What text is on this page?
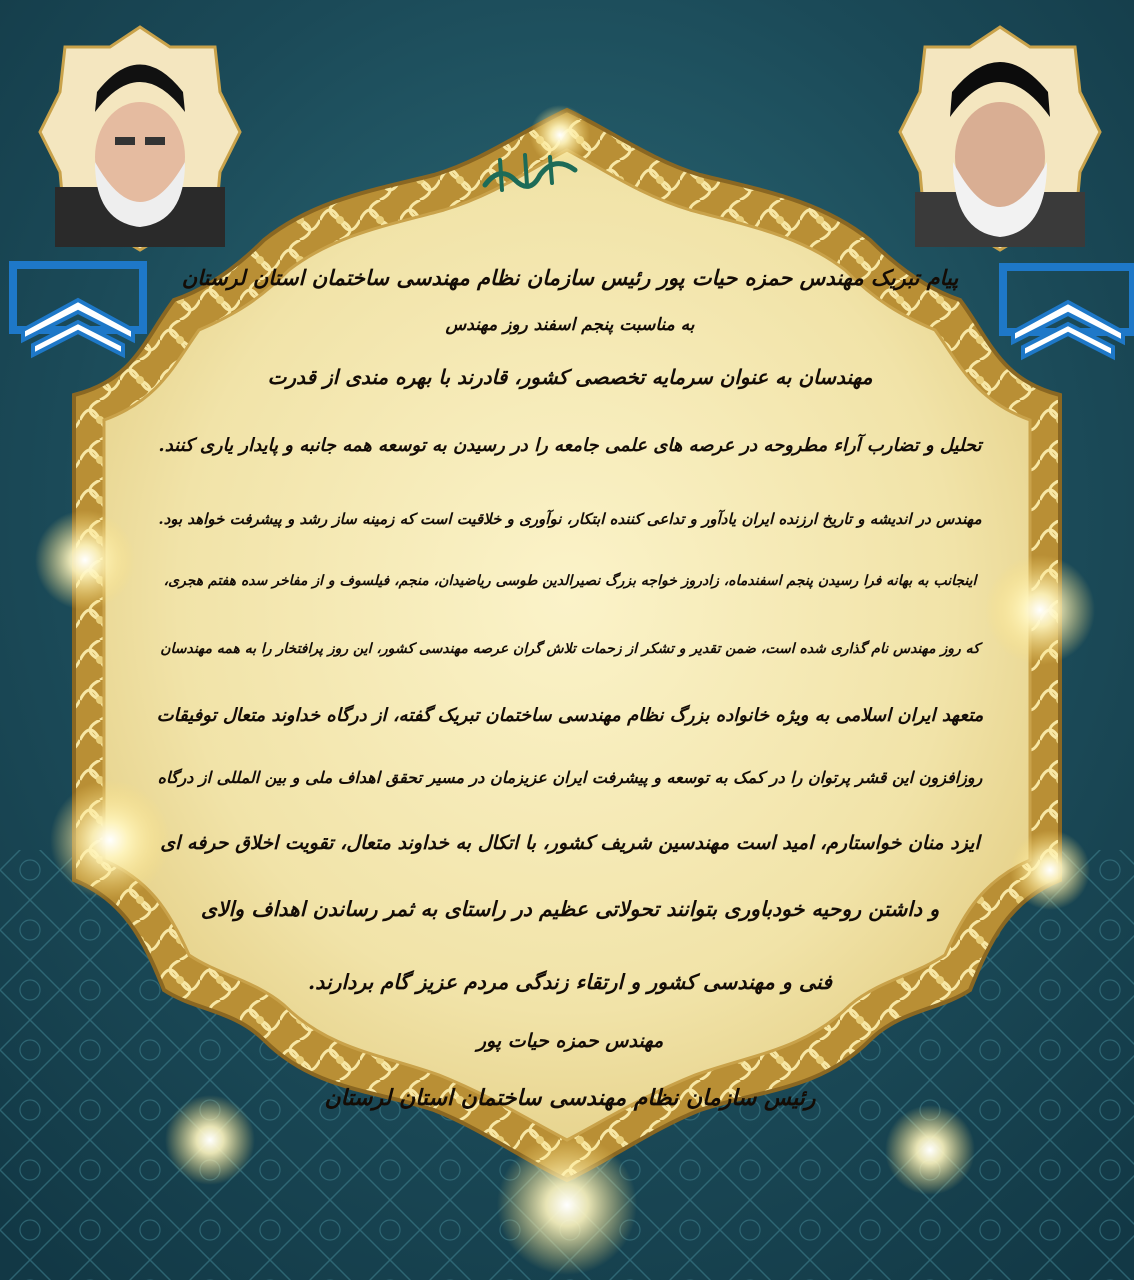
پیام تبریک مهندس حمزه حیات پور رئیس سازمان نظام مهندسی ساختمان استان لرستان
به مناسبت پنجم اسفند روز مهندس
مهندسان به عنوان سرمایه تخصصی کشور، قادرند با بهره مندی از قدرت
تحلیل و تضارب آراء مطروحه در عرصه های علمی جامعه را در رسیدن به توسعه همه جانبه و پایدار یاری کنند.
مهندس در اندیشه و تاریخ ارزنده ایران یادآور و تداعی کننده ابتکار، نوآوری و خلاقیت است که زمینه ساز رشد و پیشرفت خواهد بود.
اینجانب به بهانه فرا رسیدن پنجم اسفندماه، زادروز خواجه بزرگ نصیرالدین طوسی ریاضیدان، منجم، فیلسوف و از مفاخر سده هفتم هجری،
که روز مهندس نام گذاری شده است، ضمن تقدیر و تشکر از زحمات تلاش گران عرصه مهندسی کشور، این روز پرافتخار را به همه مهندسان
متعهد ایران اسلامی به ویژه خانواده بزرگ نظام مهندسی ساختمان تبریک گفته، از درگاه خداوند متعال توفیقات
روزافزون این قشر پرتوان را در کمک به توسعه و پیشرفت ایران عزیزمان در مسیر تحقق اهداف ملی و بین المللی از درگاه
ایزد منان خواستارم، امید است مهندسین شریف کشور، با اتکال به خداوند متعال، تقویت اخلاق حرفه ای
و داشتن روحیه خودباوری بتوانند تحولاتی عظیم در راستای به ثمر رساندن اهداف والای
فنی و مهندسی کشور و ارتقاء زندگی مردم عزیز گام بردارند.
مهندس حمزه حیات پور
رئیس سازمان نظام مهندسی ساختمان استان لرستان
